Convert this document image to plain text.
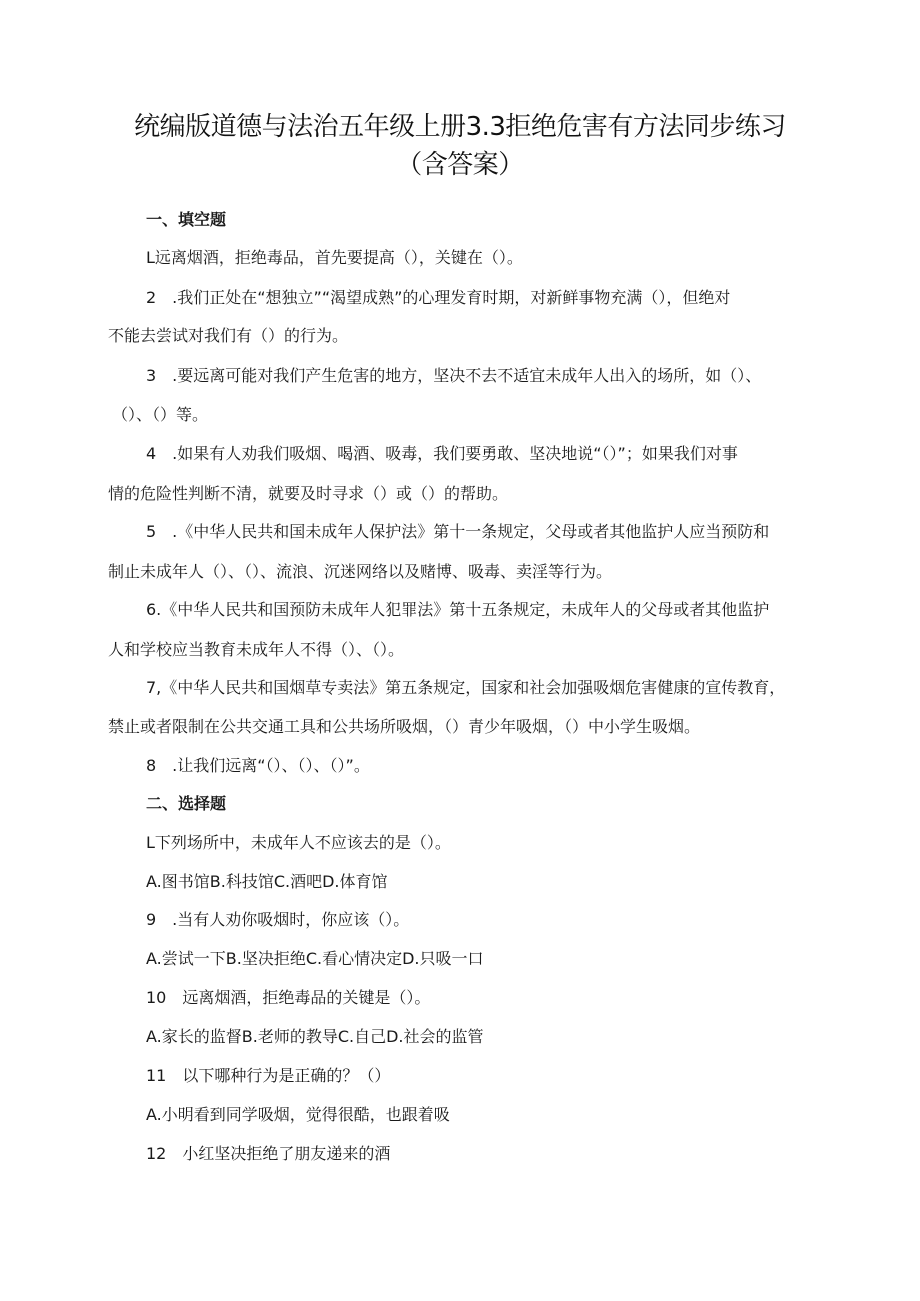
统编版道德与法治五年级上册3.3拒绝危害有方法同步练习
（含答案）
一、填空题
L远离烟酒，拒绝毒品，首先要提高（），关键在（）。
2　.我们正处在“想独立”“渴望成熟”的心理发育时期，对新鲜事物充满（），但绝对
不能去尝试对我们有（）的行为。
3　.要远离可能对我们产生危害的地方，坚决不去不适宜未成年人出入的场所，如（）、
（）、（）等。
4　.如果有人劝我们吸烟、喝酒、吸毒，我们要勇敢、坚决地说“（）”；如果我们对事
情的危险性判断不清，就要及时寻求（）或（）的帮助。
5　.《中华人民共和国未成年人保护法》第十一条规定，父母或者其他监护人应当预防和
制止未成年人（）、（）、流浪、沉迷网络以及赌博、吸毒、卖淫等行为。
6.《中华人民共和国预防未成年人犯罪法》第十五条规定，未成年人的父母或者其他监护
人和学校应当教育未成年人不得（）、（）。
7,《中华人民共和国烟草专卖法》第五条规定，国家和社会加强吸烟危害健康的宣传教育，
禁止或者限制在公共交通工具和公共场所吸烟，（）青少年吸烟，（）中小学生吸烟。
8　.让我们远离“（）、（）、（）”。
二、选择题
L下列场所中，未成年人不应该去的是（）。
A.图书馆B.科技馆C.酒吧D.体育馆
9　.当有人劝你吸烟时，你应该（）。
A.尝试一下B.坚决拒绝C.看心情决定D.只吸一口
10　远离烟酒，拒绝毒品的关键是（）。
A.家长的监督B.老师的教导C.自己D.社会的监管
11　以下哪种行为是正确的？（）
A.小明看到同学吸烟，觉得很酷，也跟着吸
12　小红坚决拒绝了朋友递来的酒
